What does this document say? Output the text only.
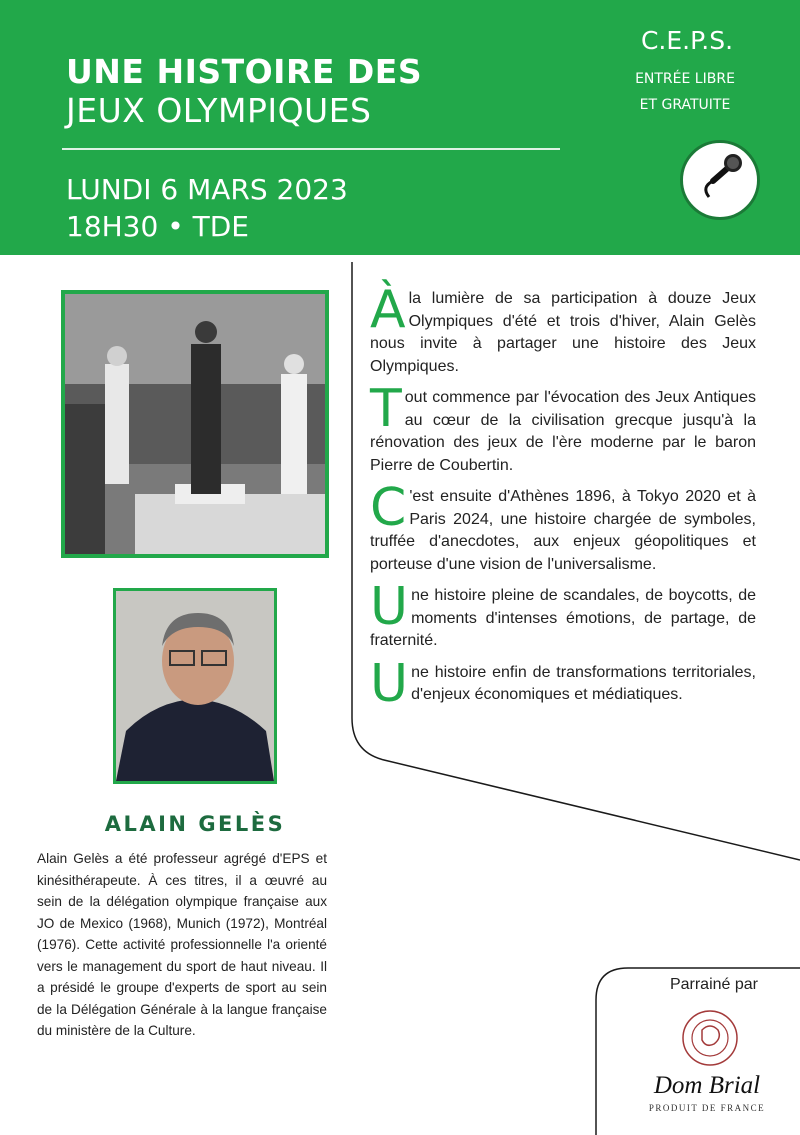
UNE HISTOIRE DES
JEUX OLYMPIQUES
LUNDI 6 MARS 2023
18H30 • TDE
C.E.P.S.
ENTRÉE LIBRE
ET GRATUITE
ALAIN GELÈS
Alain Gelès a été professeur agrégé d'EPS et kinésithérapeute. À ces titres, il a œuvré au sein de la délégation olympique française aux JO de Mexico (1968), Munich (1972), Montréal (1976). Cette activité professionnelle l'a orienté vers le management du sport de haut niveau. Il a présidé le groupe d'experts de sport au sein de la Délégation Générale à la langue française du ministère de la Culture.
Àla lumière de sa participation à douze Jeux Olympiques d'été et trois d'hiver, Alain Gelès nous invite à partager une histoire des Jeux Olympiques.
Tout commence par l'évocation des Jeux Antiques au cœur de la civilisation grecque jusqu'à la rénovation des jeux de l'ère moderne par le baron Pierre de Coubertin.
C 'est ensuite d'Athènes 1896, à Tokyo 2020 et à Paris 2024, une histoire chargée de symboles, truffée d'anecdotes, aux enjeux géopolitiques et porteuse d'une vision de l'universalisme.
Une histoire pleine de scandales, de boycotts, de moments d'intenses émotions, de partage, de fraternité.
Une histoire enfin de transformations territoriales, d'enjeux économiques et médiatiques.
Parrainé par
Dom Brial
PRODUIT DE FRANCE
